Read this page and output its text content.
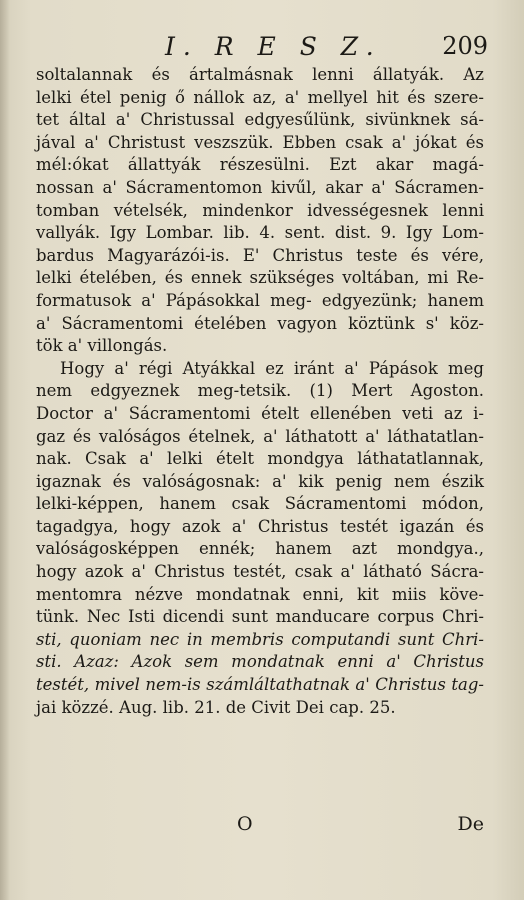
I. R E S Z.	209
soltalannak és ártalmásnak lenni állatyák. Az
lelki étel penig ő nállok az, a' mellyel hit és szere-
tet által a' Christussal edgyesűlünk, sivünknek sá-
jával a' Christust veszszük. Ebben csak a' jókat és
mél:ókat állattyák részesülni. Ezt akar magá-
nossan a' Sácramentomon kivűl, akar a' Sácramen-
tomban vételsék, mindenkor idvességesnek lenni
vallyák. Igy Lombar. lib. 4. sent. dist. 9. Igy Lom-
bardus Magyarázói-is. E' Christus teste és vére,
lelki ételében, és ennek szükséges voltában, mi Re-
formatusok a' Pápásokkal meg- edgyezünk; hanem
a' Sácramentomi ételében vagyon köztünk s' köz-
tök a' villongás.
Hogy a' régi Atyákkal ez iránt a' Pápások meg
nem edgyeznek meg-tetsik. (1) Mert Agoston.
Doctor a' Sácramentomi ételt ellenében veti az i-
gaz és valóságos ételnek, a' láthatott a' láthatatlan-
nak. Csak a' lelki ételt mondgya láthatatlannak,
igaznak és valóságosnak: a' kik penig nem észik
lelki-képpen, hanem csak Sácramentomi módon,
tagadgya, hogy azok a' Christus testét igazán és
valóságosképpen ennék; hanem azt mondgya.,
hogy azok a' Christus testét, csak a' látható Sácra-
mentomra nézve mondatnak enni, kit miis köve-
tünk. Nec Isti dicendi sunt manducare corpus Chri-
sti, quoniam nec in membris computandi sunt Chri-
sti. Azaz: Azok sem mondatnak enni a' Christus
testét, mivel nem-is számláltathatnak a' Christus tag-
jai közzé. Aug. lib. 21. de Civit Dei cap. 25.
O	De
